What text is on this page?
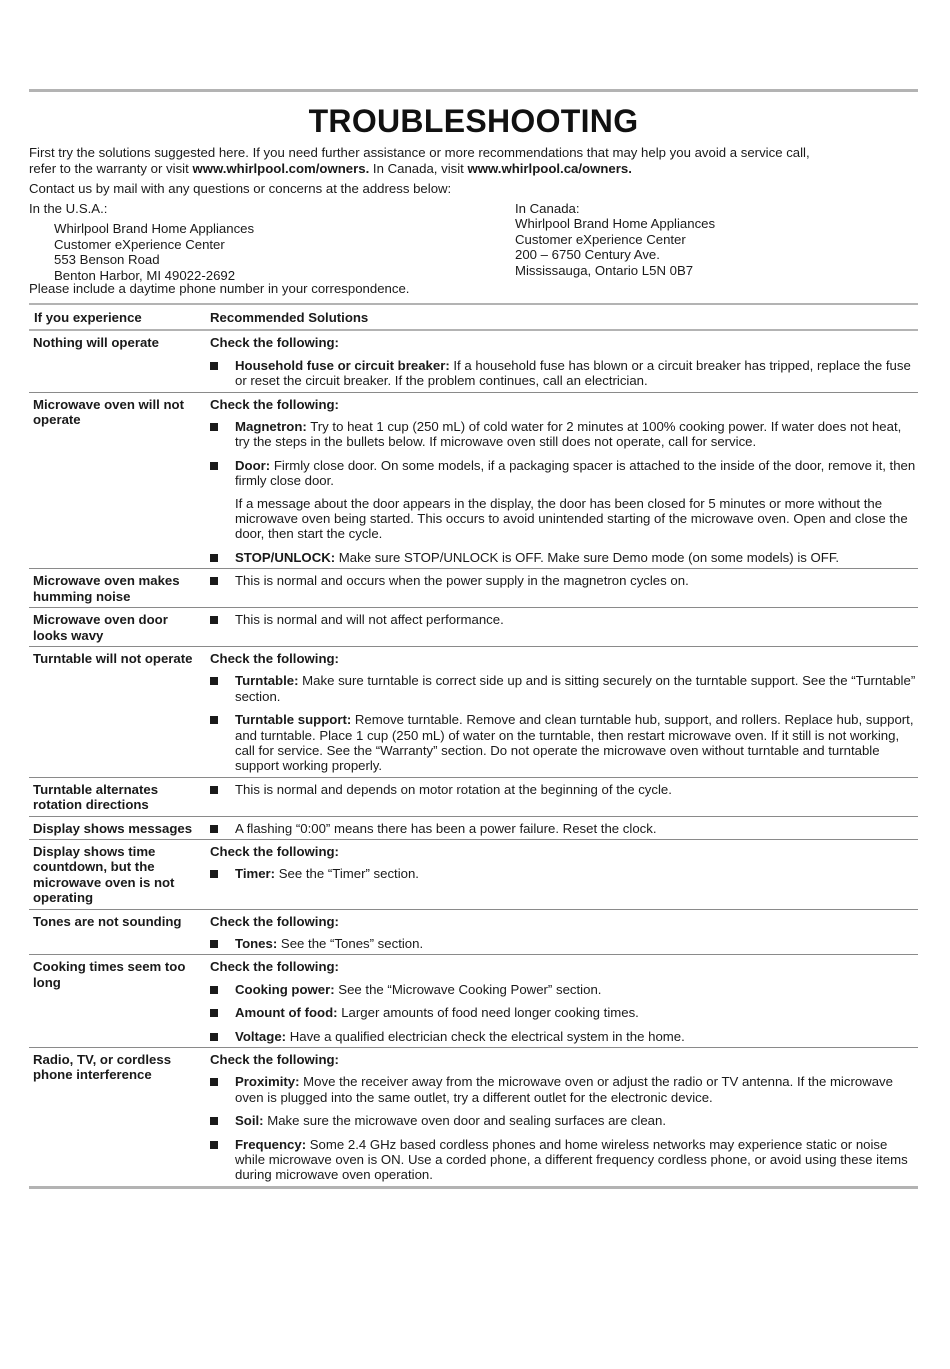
TROUBLESHOOTING
First try the solutions suggested here. If you need further assistance or more recommendations that may help you avoid a service call, refer to the warranty or visit www.whirlpool.com/owners. In Canada, visit www.whirlpool.ca/owners.
Contact us by mail with any questions or concerns at the address below:
In the U.S.A.:
Whirlpool Brand Home Appliances
Customer eXperience Center
553 Benson Road
Benton Harbor, MI 49022-2692
In Canada:
Whirlpool Brand Home Appliances
Customer eXperience Center
200 – 6750 Century Ave.
Mississauga, Ontario L5N 0B7
Please include a daytime phone number in your correspondence.
If you experience	Recommended Solutions
Nothing will operate	Check the following:
Household fuse or circuit breaker: If a household fuse has blown or a circuit breaker has tripped, replace the fuse or reset the circuit breaker. If the problem continues, call an electrician.

Microwave oven will not operate	Check the following:
Magnetron: Try to heat 1 cup (250 mL) of cold water for 2 minutes at 100% cooking power. If water does not heat, try the steps in the bullets below. If microwave oven still does not operate, call for service.
Door: Firmly close door. On some models, if a packaging spacer is attached to the inside of the door, remove it, then firmly close door.
If a message about the door appears in the display, the door has been closed for 5 minutes or more without the microwave oven being started. This occurs to avoid unintended starting of the microwave oven. Open and close the door, then start the cycle.
STOP/UNLOCK: Make sure STOP/UNLOCK is OFF. Make sure Demo mode (on some models) is OFF.

Microwave oven makes humming noise	This is normal and occurs when the power supply in the magnetron cycles on.

Microwave oven door looks wavy	This is normal and will not affect performance.

Turntable will not operate	Check the following:
Turntable: Make sure turntable is correct side up and is sitting securely on the turntable support. See the “Turntable” section.
Turntable support: Remove turntable. Remove and clean turntable hub, support, and rollers. Replace hub, support, and turntable. Place 1 cup (250 mL) of water on the turntable, then restart microwave oven. If it still is not working, call for service. See the “Warranty” section. Do not operate the microwave oven without turntable and turntable support working properly.

Turntable alternates rotation directions	This is normal and depends on motor rotation at the beginning of the cycle.

Display shows messages	A flashing “0:00” means there has been a power failure. Reset the clock.

Display shows time countdown, but the microwave oven is not operating	Check the following:
Timer: See the “Timer” section.

Tones are not sounding	Check the following:
Tones: See the “Tones” section.

Cooking times seem too long	Check the following:
Cooking power: See the “Microwave Cooking Power” section.
Amount of food: Larger amounts of food need longer cooking times.
Voltage: Have a qualified electrician check the electrical system in the home.

Radio, TV, or cordless phone interference	Check the following:
Proximity: Move the receiver away from the microwave oven or adjust the radio or TV antenna. If the microwave oven is plugged into the same outlet, try a different outlet for the electronic device.
Soil: Make sure the microwave oven door and sealing surfaces are clean.
Frequency: Some 2.4 GHz based cordless phones and home wireless networks may experience static or noise while microwave oven is ON. Use a corded phone, a different frequency cordless phone, or avoid using these items during microwave oven operation.
